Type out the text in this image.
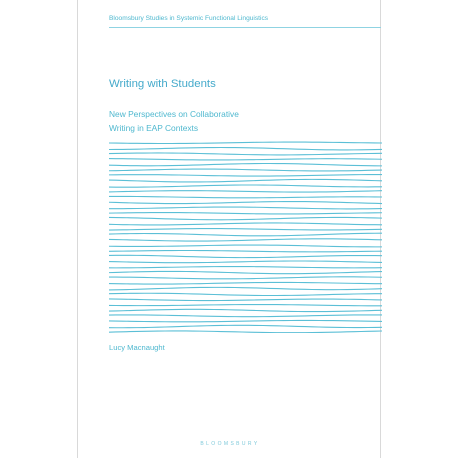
Bloomsbury Studies in Systemic Functional Linguistics
Writing with Students
New Perspectives on Collaborative
Writing in EAP Contexts
Lucy Macnaught
BLOOMSBURY
